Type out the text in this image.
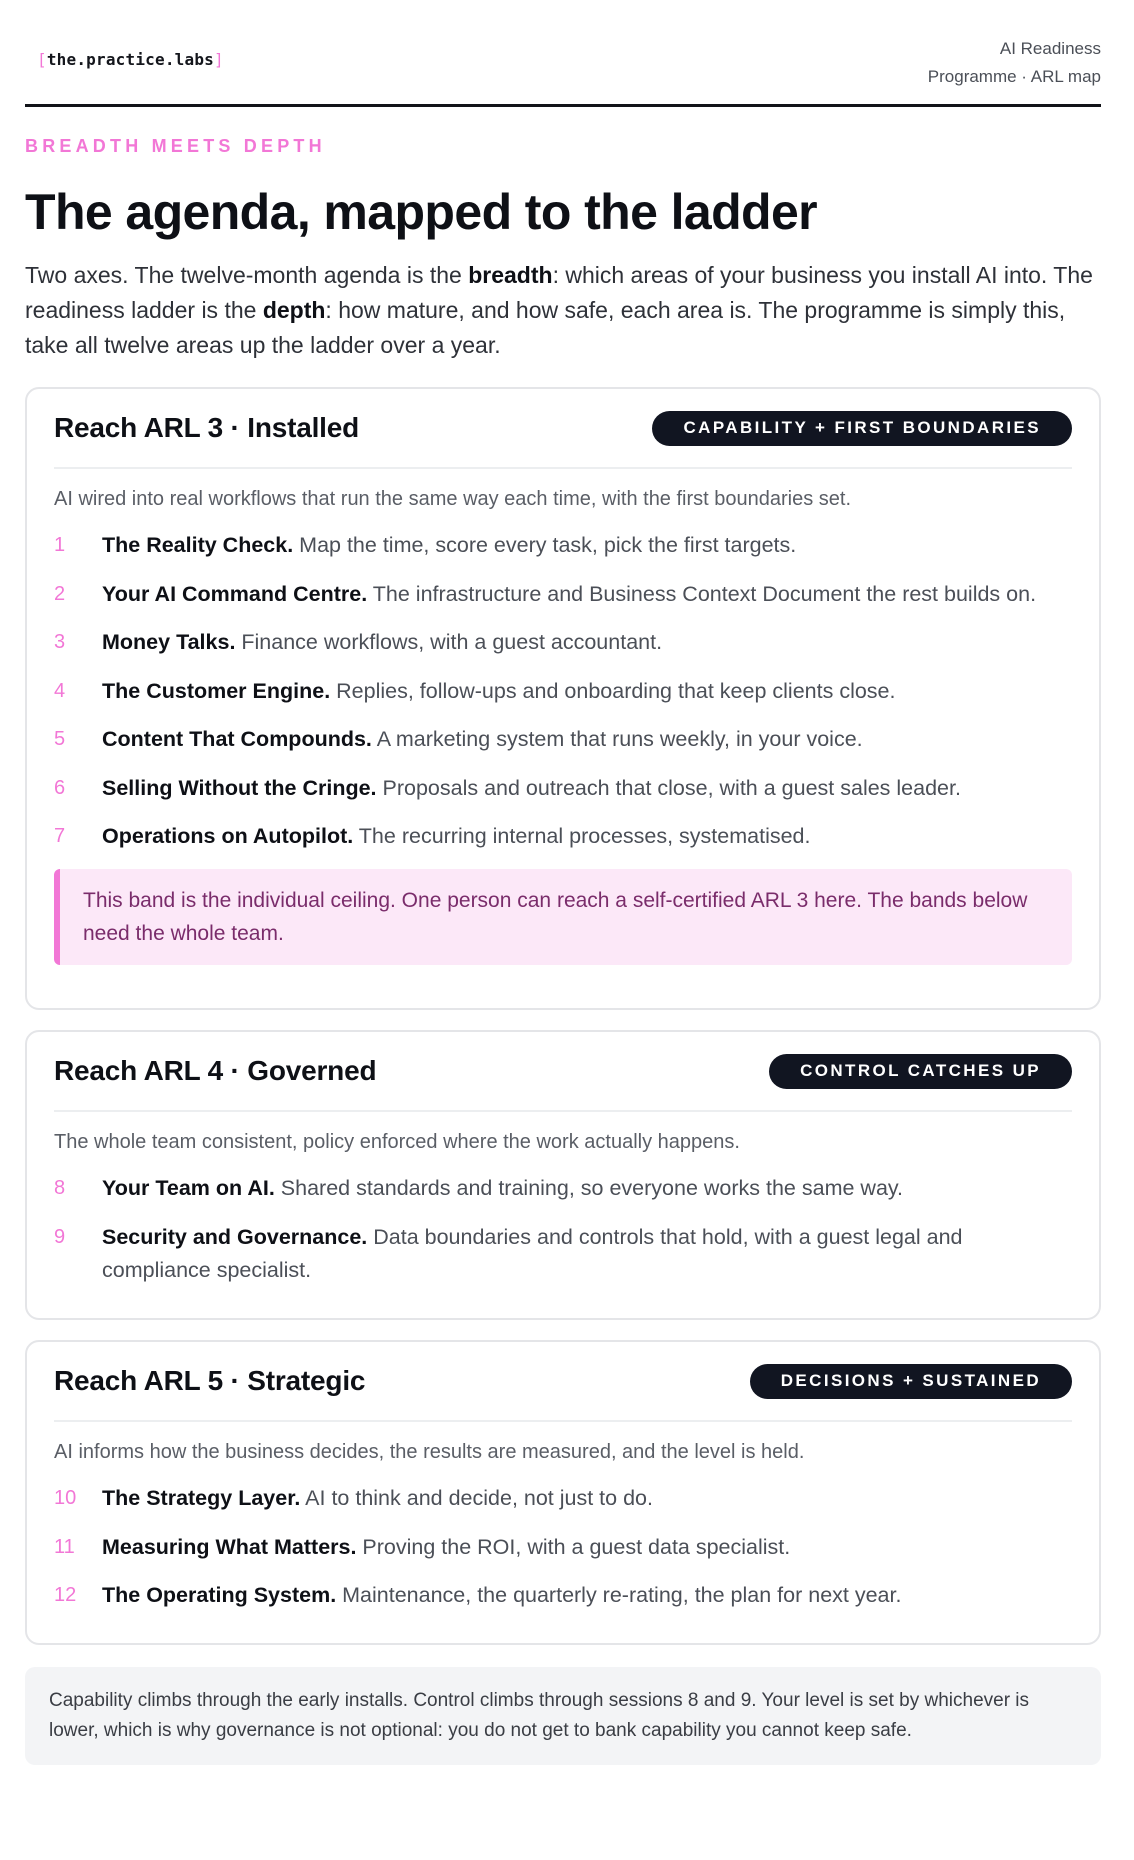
[the.practice.labs]
AI Readiness
Programme · ARL map
BREADTH MEETS DEPTH
The agenda, mapped to the ladder

Two axes. The twelve-month agenda is the breadth: which areas of your business you install AI into. The readiness ladder is the depth: how mature, and how safe, each area is. The programme is simply this, take all twelve areas up the ladder over a year.

Reach ARL 3 · Installed	CAPABILITY + FIRST BOUNDARIES
AI wired into real workflows that run the same way each time, with the first boundaries set.
1	The Reality Check. Map the time, score every task, pick the first targets.
2	Your AI Command Centre. The infrastructure and Business Context Document the rest builds on.
3	Money Talks. Finance workflows, with a guest accountant.
4	The Customer Engine. Replies, follow-ups and onboarding that keep clients close.
5	Content That Compounds. A marketing system that runs weekly, in your voice.
6	Selling Without the Cringe. Proposals and outreach that close, with a guest sales leader.
7	Operations on Autopilot. The recurring internal processes, systematised.
This band is the individual ceiling. One person can reach a self-certified ARL 3 here. The bands below need the whole team.
Reach ARL 4 · Governed	CONTROL CATCHES UP
The whole team consistent, policy enforced where the work actually happens.
8	Your Team on AI. Shared standards and training, so everyone works the same way.
9	Security and Governance. Data boundaries and controls that hold, with a guest legal and compliance specialist.
Reach ARL 5 · Strategic	DECISIONS + SUSTAINED
AI informs how the business decides, the results are measured, and the level is held.
10	The Strategy Layer. AI to think and decide, not just to do.
11	Measuring What Matters. Proving the ROI, with a guest data specialist.
12	The Operating System. Maintenance, the quarterly re-rating, the plan for next year.
Capability climbs through the early installs. Control climbs through sessions 8 and 9. Your level is set by whichever is lower, which is why governance is not optional: you do not get to bank capability you cannot keep safe.
